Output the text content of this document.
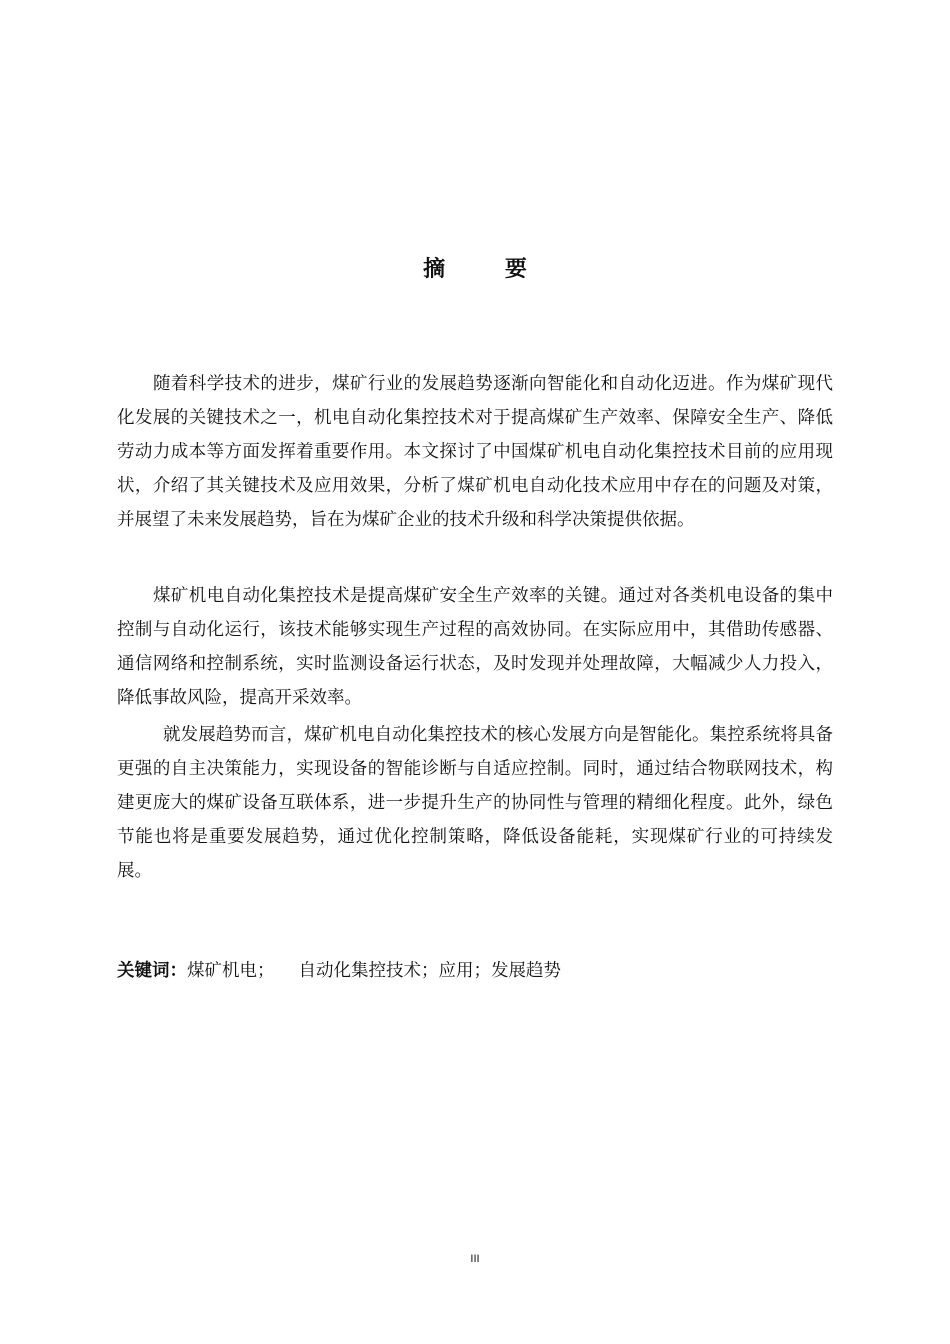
摘 要

随着科学技术的进步，煤矿行业的发展趋势逐渐向智能化和自动化迈进。作为煤矿现代化发展的关键技术之一，机电自动化集控技术对于提高煤矿生产效率、保障安全生产、降低劳动力成本等方面发挥着重要作用。本文探讨了中国煤矿机电自动化集控技术目前的应用现状，介绍了其关键技术及应用效果，分析了煤矿机电自动化技术应用中存在的问题及对策，并展望了未来发展趋势，旨在为煤矿企业的技术升级和科学决策提供依据。

煤矿机电自动化集控技术是提高煤矿安全生产效率的关键。通过对各类机电设备的集中控制与自动化运行，该技术能够实现生产过程的高效协同。在实际应用中，其借助传感器、通信网络和控制系统，实时监测设备运行状态，及时发现并处理故障，大幅减少人力投入，降低事故风险，提高开采效率。

就发展趋势而言，煤矿机电自动化集控技术的核心发展方向是智能化。集控系统将具备更强的自主决策能力，实现设备的智能诊断与自适应控制。同时，通过结合物联网技术，构建更庞大的煤矿设备互联体系，进一步提升生产的协同性与管理的精细化程度。此外，绿色节能也将是重要发展趋势，通过优化控制策略，降低设备能耗，实现煤矿行业的可持续发展。

关键词：煤矿机电； 自动化集控技术；应用；发展趋势
III
